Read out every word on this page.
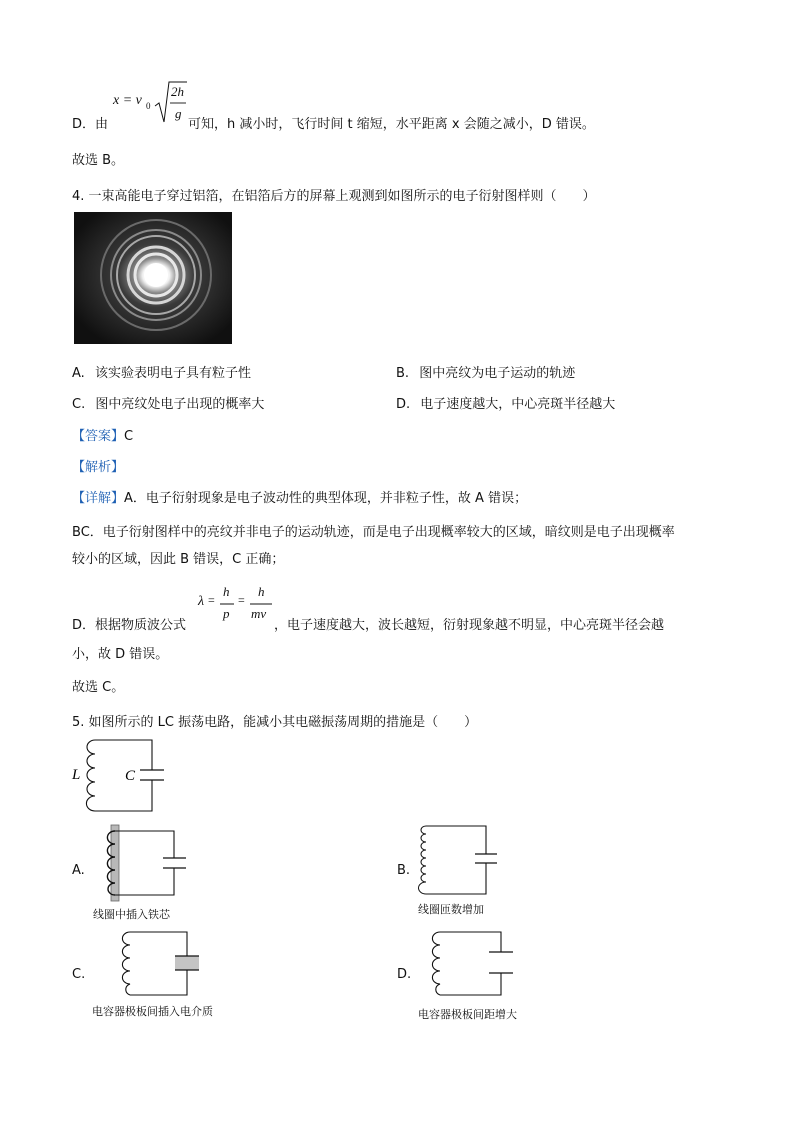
D．由
x = v 0
2h
g
可知，h 减小时，飞行时间 t 缩短，水平距离 x 会随之减小，D 错误。
故选 B。
4. 一束高能电子穿过铝箔，在铝箔后方的屏幕上观测到如图所示的电子衍射图样则（　　）
A. 该实验表明电子具有粒子性	B. 图中亮纹为电子运动的轨迹
C. 图中亮纹处电子出现的概率大	D. 电子速度越大，中心亮斑半径越大
【答案】C
【解析】
【详解】A．电子衍射现象是电子波动性的典型体现，并非粒子性，故 A 错误；
BC．电子衍射图样中的亮纹并非电子的运动轨迹，而是电子出现概率较大的区域，暗纹则是电子出现概率
较小的区域，因此 B 错误，C 正确；
D．根据物质波公式
λ =
h
p
=
h
mv
，电子速度越大，波长越短，衍射现象越不明显，中心亮斑半径会越
小，故 D 错误。
故选 C。
5. 如图所示的 LC 振荡电路，能减小其电磁振荡周期的措施是（　　）
L	C
A.
线圈中插入铁芯
B.
线圈匝数增加
C.
电容器极板间插入电介质
D.
电容器极板间距增大
